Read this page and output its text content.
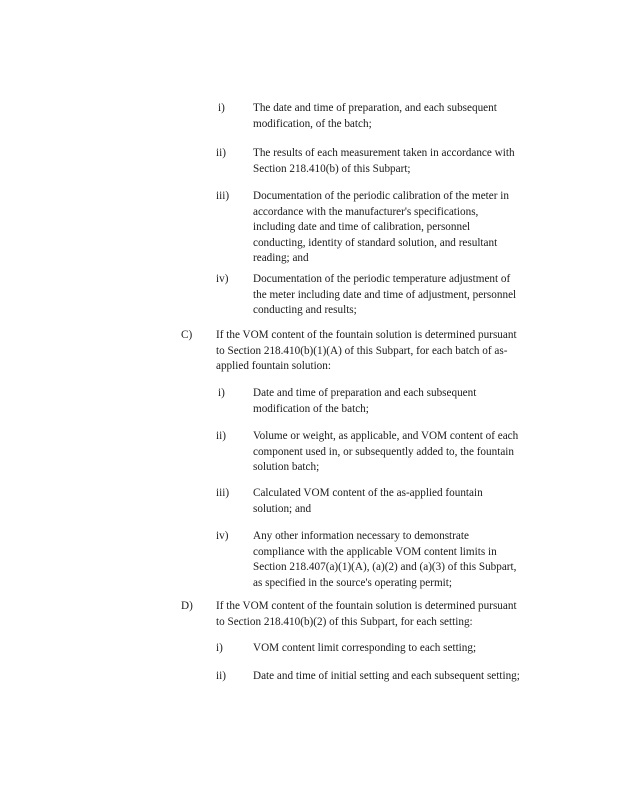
i)	The date and time of preparation, and each subsequent
modification, of the batch;
ii) The results of each measurement taken in accordance with
Section 218.410(b) of this Subpart;
iii) Documentation of the periodic calibration of the meter in
accordance with the manufacturer's specifications,
including date and time of calibration, personnel
conducting, identity of standard solution, and resultant
reading; and
iv) Documentation of the periodic temperature adjustment of
the meter including date and time of adjustment, personnel
conducting and results;
C) If the VOM content of the fountain solution is determined pursuant
to Section 218.410(b)(1)(A) of this Subpart, for each batch of as-
applied fountain solution:
i)	Date and time of preparation and each subsequent
modification of the batch;
ii) Volume or weight, as applicable, and VOM content of each
component used in, or subsequently added to, the fountain
solution batch;
iii) Calculated VOM content of the as-applied fountain
solution; and
iv) Any other information necessary to demonstrate
compliance with the applicable VOM content limits in
Section 218.407(a)(1)(A), (a)(2) and (a)(3) of this Subpart,
as specified in the source's operating permit;
D) If the VOM content of the fountain solution is determined pursuant
to Section 218.410(b)(2) of this Subpart, for each setting:
i)	VOM content limit corresponding to each setting;
ii) Date and time of initial setting and each subsequent setting;
